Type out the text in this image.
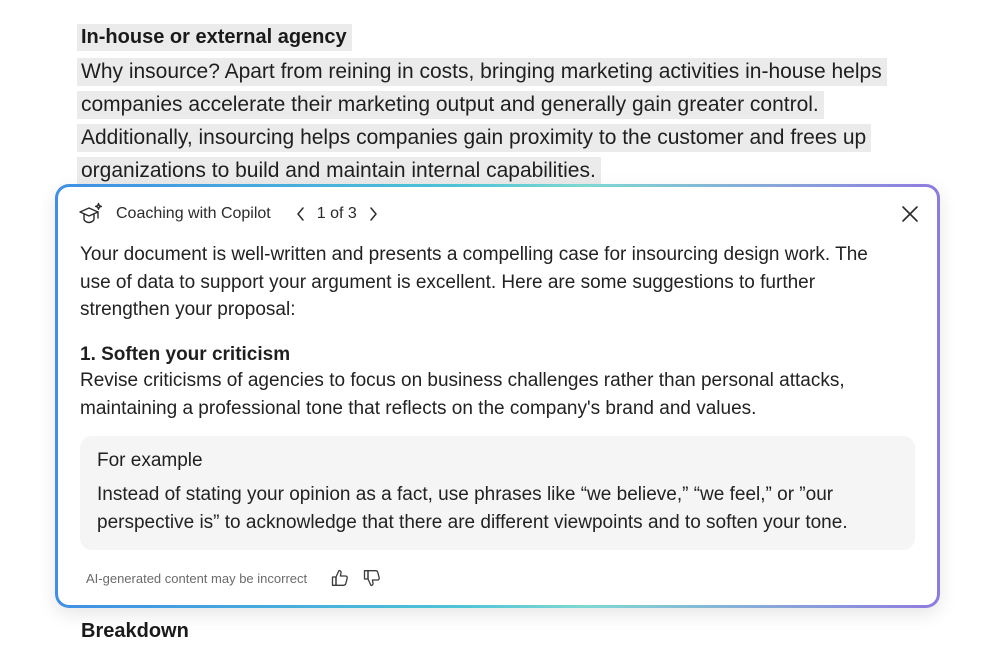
In-house or external agency
Why insource? Apart from reining in costs, bringing marketing activities in-house helps
companies accelerate their marketing output and generally gain greater control.
Additionally, insourcing helps companies gain proximity to the customer and frees up
organizations to build and maintain internal capabilities.
Coaching with Copilot	1 of 3
Your document is well-written and presents a compelling case for insourcing design work. The use of data to support your argument is excellent. Here are some suggestions to further strengthen your proposal:
1. Soften your criticism
Revise criticisms of agencies to focus on business challenges rather than personal attacks, maintaining a professional tone that reflects on the company's brand and values.
For example
Instead of stating your opinion as a fact, use phrases like “we believe,” “we feel,” or ”our perspective is” to acknowledge that there are different viewpoints and to soften your tone.
AI-generated content may be incorrect
Breakdown
